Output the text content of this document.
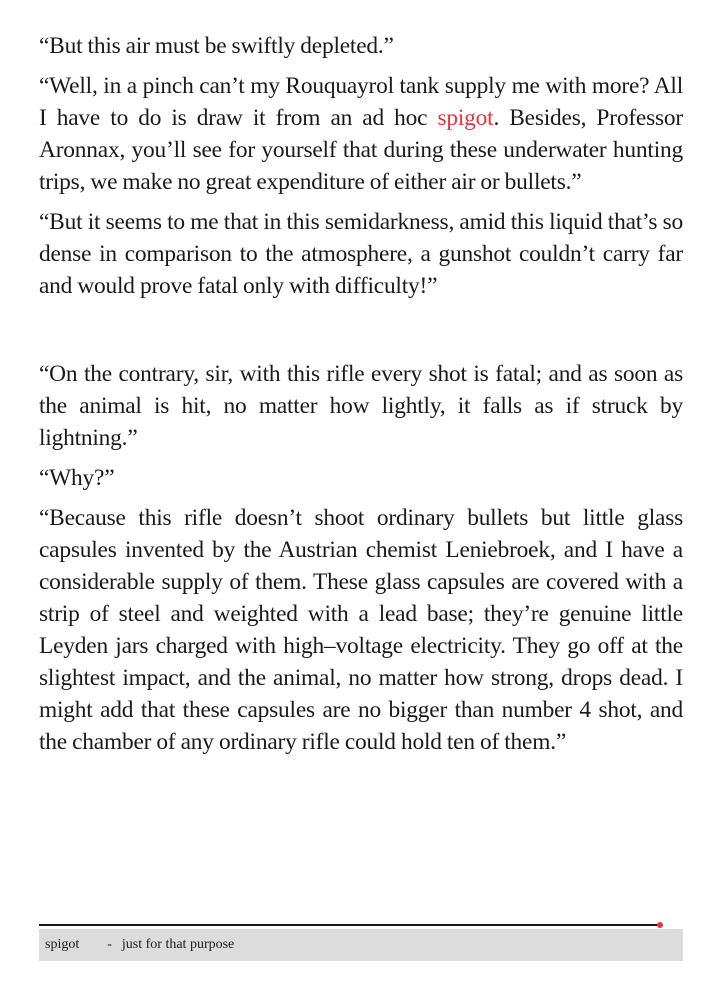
“But this air must be swiftly depleted.”

“Well, in a pinch can’t my Rouquayrol tank supply me with more? All I have to do is draw it from an ad hoc spigot. Besides, Professor Aronnax, you’ll see for yourself that during these underwater hunting trips, we make no great expenditure of either air or bullets.”

“But it seems to me that in this semidarkness, amid this liquid that’s so dense in comparison to the atmosphere, a gunshot couldn’t carry far and would prove fatal only with difficulty!”

“On the contrary, sir, with this rifle every shot is fatal; and as soon as the animal is hit, no matter how lightly, it falls as if struck by lightning.”

“Why?”

“Because this rifle doesn’t shoot ordinary bullets but little glass capsules invented by the Austrian chemist Leniebroek, and I have a considerable supply of them. These glass capsules are covered with a strip of steel and weighted with a lead base; they’re genuine little Leyden jars charged with high–voltage electricity. They go off at the slightest impact, and the animal, no matter how strong, drops dead. I might add that these capsules are no bigger than number 4 shot, and the chamber of any ordinary rifle could hold ten of them.”

spigot - just for that purpose
